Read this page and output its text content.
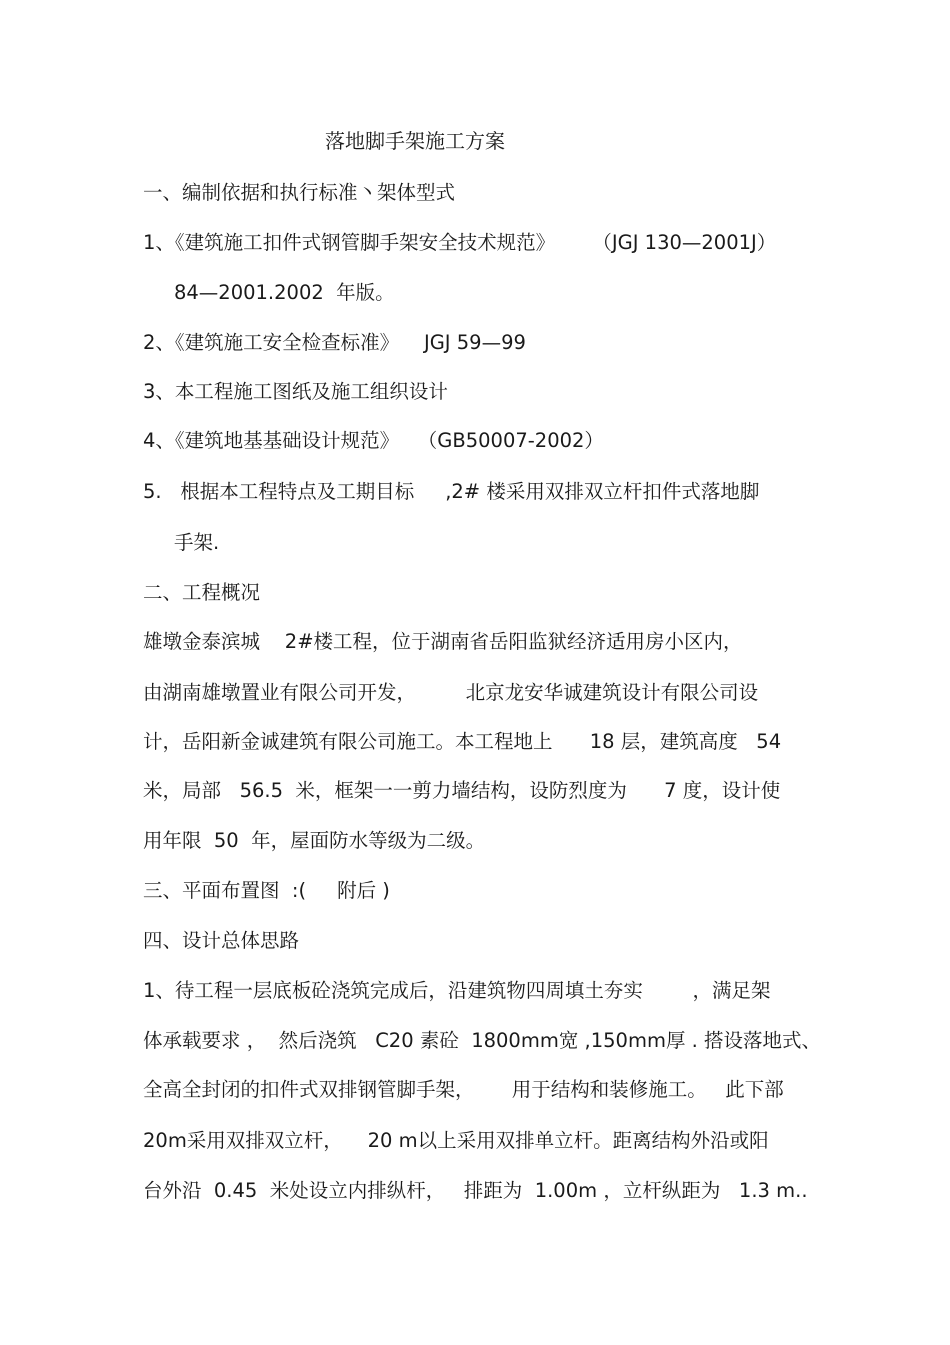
落地脚手架施工方案
一、编制依据和执行标准丶架体型式
1、《建筑施工扣件式钢管脚手架安全技术规范》      （JGJ 130—2001J）
84—2001.2002  年版。
2、《建筑施工安全检查标准》    JGJ 59—99
3、本工程施工图纸及施工组织设计
4、《建筑地基基础设计规范》   （GB50007-2002）
5.   根据本工程特点及工期目标     ,2# 楼采用双排双立杆扣件式落地脚
手架.
二、工程概况
雄墩金泰滨城    2#楼工程，位于湖南省岳阳监狱经济适用房小区内，
由湖南雄墩置业有限公司开发，        北京龙安华诚建筑设计有限公司设
计，岳阳新金诚建筑有限公司施工。本工程地上      18 层，建筑高度   54
米，局部   56.5  米，框架一一剪力墙结构，设防烈度为      7 度，设计使
用年限  50  年，屋面防水等级为二级。
三、平面布置图  :(     附后 )
四、设计总体思路
1、待工程一层底板砼浇筑完成后，沿建筑物四周填土夯实        ，满足架
体承载要求 ，  然后浇筑   C20 素砼  1800mm宽 ,150mm厚 . 搭设落地式、
全高全封闭的扣件式双排钢管脚手架，      用于结构和装修施工。   此下部
20m采用双排双立杆，    20 m以上采用双排单立杆。距离结构外沿或阳
台外沿  0.45  米处设立内排纵杆，   排距为  1.00m ，立杆纵距为   1.3 m..
